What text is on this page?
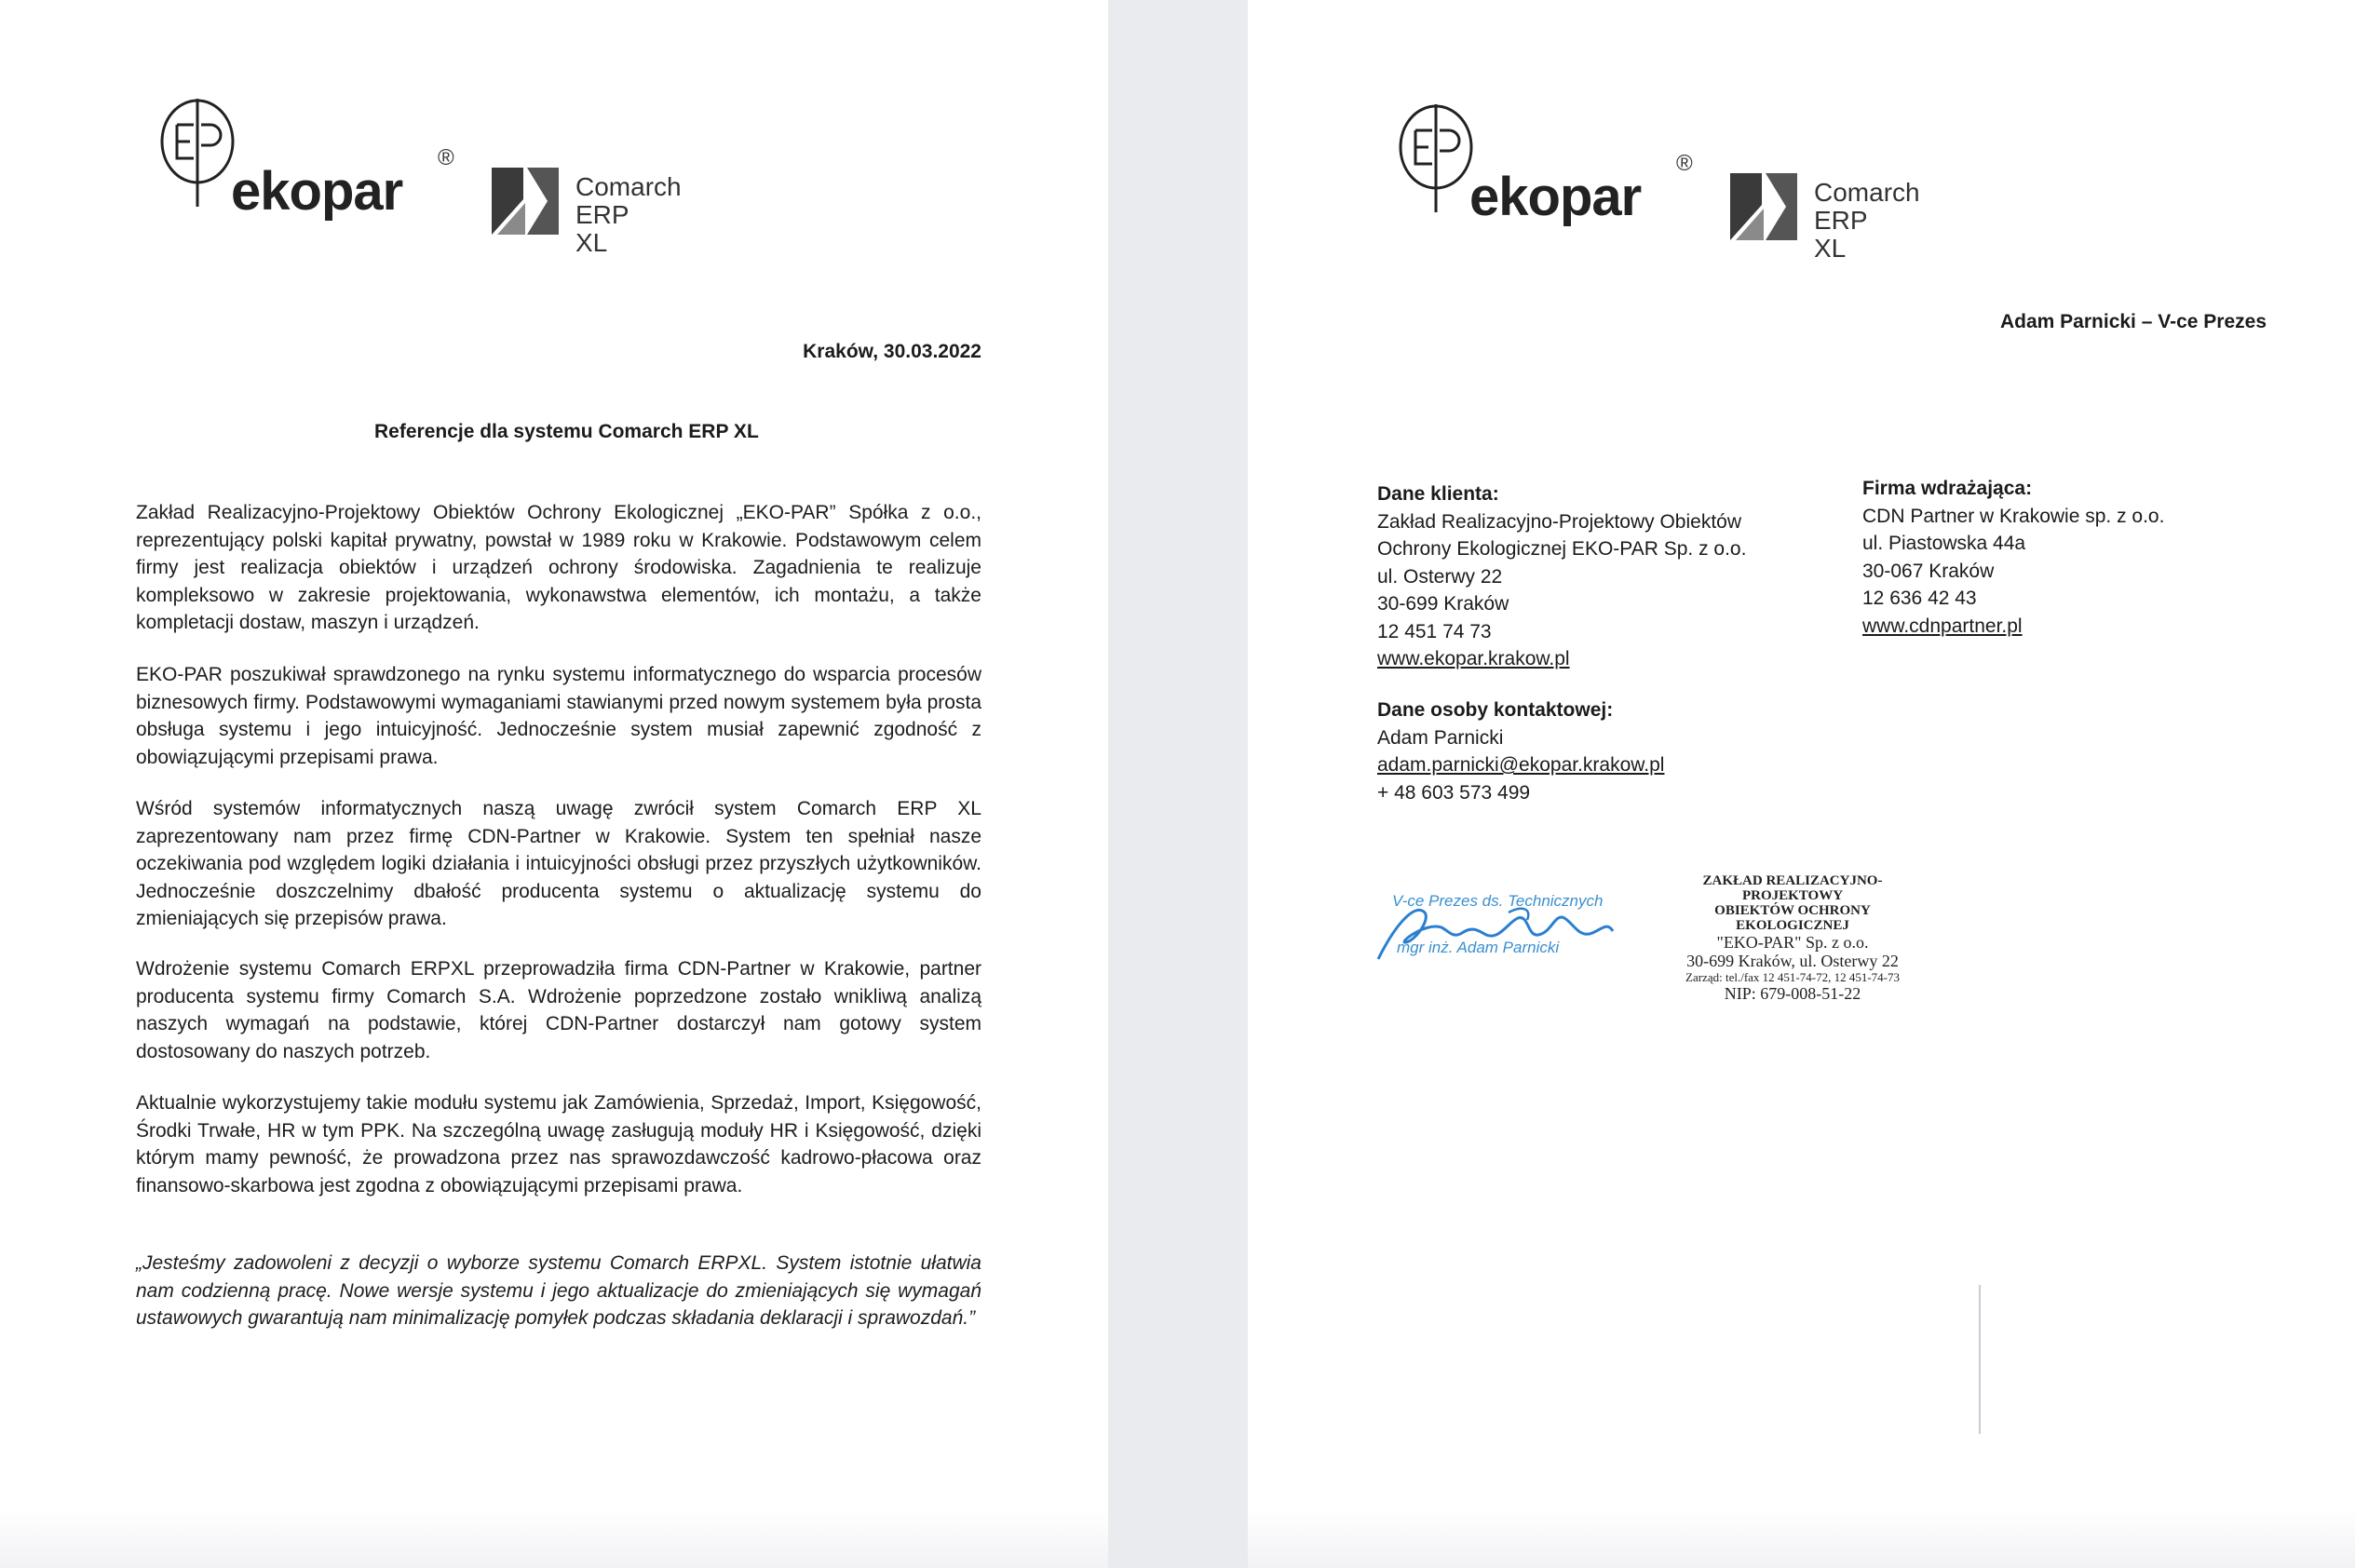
ekopar
®
Comarch ERP
XL
Kraków, 30.03.2022
Referencje dla systemu Comarch ERP XL
Zakład Realizacyjno-Projektowy Obiektów Ochrony Ekologicznej „EKO-PAR” Spółka z o.o., reprezentujący polski kapitał prywatny, powstał w 1989 roku w Krakowie. Podstawowym celem firmy jest realizacja obiektów i urządzeń ochrony środowiska. Zagadnienia te realizuje kompleksowo w zakresie projektowania, wykonawstwa elementów, ich montażu, a także kompletacji dostaw, maszyn i urządzeń.
EKO-PAR poszukiwał sprawdzonego na rynku systemu informatycznego do wsparcia procesów biznesowych firmy. Podstawowymi wymaganiami stawianymi przed nowym systemem była prosta obsługa systemu i jego intuicyjność. Jednocześnie system musiał zapewnić zgodność z obowiązującymi przepisami prawa.
Wśród systemów informatycznych naszą uwagę zwrócił system Comarch ERP XL zaprezentowany nam przez firmę CDN-Partner w Krakowie. System ten spełniał nasze oczekiwania pod względem logiki działania i intuicyjności obsługi przez przyszłych użytkowników. Jednocześnie doszczelnimy dbałość producenta systemu o aktualizację systemu do zmieniających się przepisów prawa.
Wdrożenie systemu Comarch ERPXL przeprowadziła firma CDN-Partner w Krakowie, partner producenta systemu firmy Comarch S.A. Wdrożenie poprzedzone zostało wnikliwą analizą naszych wymagań na podstawie, której CDN-Partner dostarczył nam gotowy system dostosowany do naszych potrzeb.
Aktualnie wykorzystujemy takie modułu systemu jak Zamówienia, Sprzedaż, Import, Księgowość, Środki Trwałe, HR w tym PPK. Na szczególną uwagę zasługują moduły HR i Księgowość, dzięki którym mamy pewność, że prowadzona przez nas sprawozdawczość kadrowo-płacowa oraz finansowo-skarbowa jest zgodna z obowiązującymi przepisami prawa.
„Jesteśmy zadowoleni z decyzji o wyborze systemu Comarch ERPXL. System istotnie ułatwia nam codzienną pracę. Nowe wersje systemu i jego aktualizacje do zmieniających się wymagań ustawowych gwarantują nam minimalizację pomyłek podczas składania deklaracji i sprawozdań.”
ekopar
®
Comarch ERP
XL
Adam Parnicki – V-ce Prezes
Dane klienta:
Zakład Realizacyjno-Projektowy Obiektów
Ochrony Ekologicznej EKO-PAR Sp. z o.o.
ul. Osterwy 22
30-699 Kraków
12 451 74 73
www.ekopar.krakow.pl
Dane osoby kontaktowej:
Adam Parnicki
adam.parnicki@ekopar.krakow.pl
+ 48 603 573 499
Firma wdrażająca:
CDN Partner w Krakowie sp. z o.o.
ul. Piastowska 44a
30-067 Kraków
12 636 42 43
www.cdnpartner.pl
V-ce Prezes ds. Technicznych
mgr inż. Adam Parnicki
ZAKŁAD REALIZACYJNO-PROJEKTOWY
OBIEKTÓW OCHRONY EKOLOGICZNEJ
"EKO-PAR" Sp. z o.o.
30-699 Kraków, ul. Osterwy 22
Zarząd: tel./fax 12 451-74-72, 12 451-74-73
NIP: 679-008-51-22
